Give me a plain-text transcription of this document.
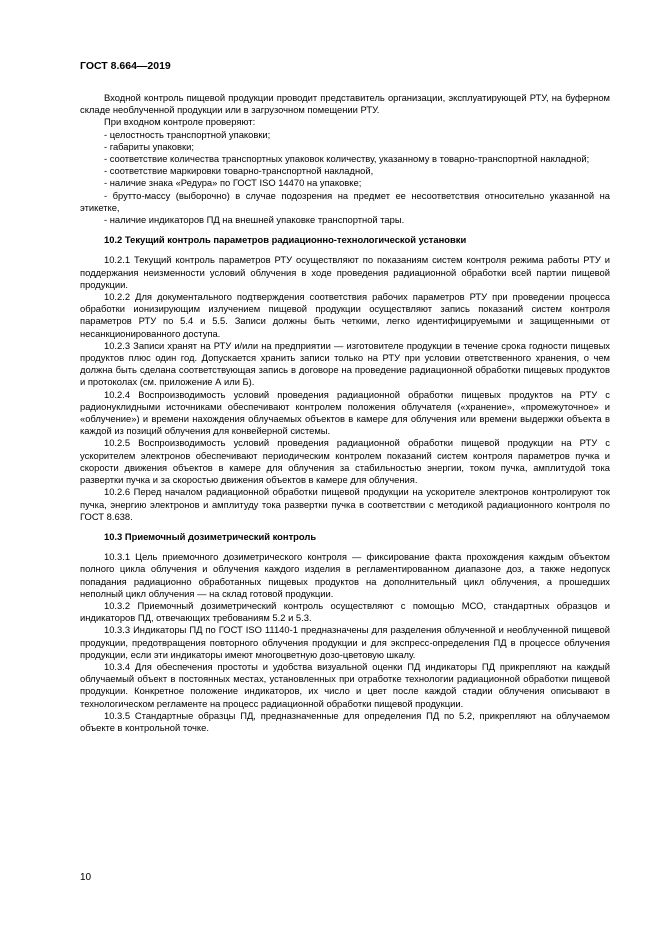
ГОСТ 8.664—2019

Входной контроль пищевой продукции проводит представитель организации, эксплуатирующей РТУ, на буферном складе необлученной продукции или в загрузочном помещении РТУ.

При входном контроле проверяют:

- целостность транспортной упаковки;

- габариты упаковки;

- соответствие количества транспортных упаковок количеству, указанному в товарно-транспортной накладной;

- соответствие маркировки товарно-транспортной накладной,

- наличие знака «Редура» по ГОСТ ISO 14470 на упаковке;

- брутто-массу (выборочно) в случае подозрения на предмет ее несоответствия относительно указанной на этикетке,

- наличие индикаторов ПД на внешней упаковке транспортной тары.

10.2 Текущий контроль параметров радиационно-технологической установки

10.2.1 Текущий контроль параметров РТУ осуществляют по показаниям систем контроля режима работы РТУ и поддержания неизменности условий облучения в ходе проведения радиационной обработки всей партии пищевой продукции.

10.2.2 Для документального подтверждения соответствия рабочих параметров РТУ при проведении процесса обработки ионизирующим излучением пищевой продукции осуществляют запись показаний систем контроля параметров РТУ по 5.4 и 5.5. Записи должны быть четкими, легко идентифицируемыми и защищенными от несанкционированного доступа.

10.2.3 Записи хранят на РТУ и/или на предприятии — изготовителе продукции в течение срока годности пищевых продуктов плюс один год. Допускается хранить записи только на РТУ при условии ответственного хранения, о чем должна быть сделана соответствующая запись в договоре на проведение радиационной обработки пищевых продуктов и протоколах (см. приложение А или Б).

10.2.4 Воспроизводимость условий проведения радиационной обработки пищевых продуктов на РТУ с радионуклидными источниками обеспечивают контролем положения облучателя («хранение», «промежуточное» и «облучение») и времени нахождения облучаемых объектов в камере для облучения или времени выдержки объекта в каждой из позиций облучения для конвейерной системы.

10.2.5 Воспроизводимость условий проведения радиационной обработки пищевой продукции на РТУ с ускорителем электронов обеспечивают периодическим контролем показаний систем контроля параметров пучка и скорости движения объектов в камере для облучения за стабильностью энергии, током пучка, амплитудой тока развертки пучка и за скоростью движения объектов в камере для облучения.

10.2.6 Перед началом радиационной обработки пищевой продукции на ускорителе электронов контролируют ток пучка, энергию электронов и амплитуду тока развертки пучка в соответствии с методикой радиационного контроля по ГОСТ 8.638.

10.3 Приемочный дозиметрический контроль

10.3.1 Цель приемочного дозиметрического контроля — фиксирование факта прохождения каждым объектом полного цикла облучения и облучения каждого изделия в регламентированном диапазоне доз, а также недопуск попадания радиационно обработанных пищевых продуктов на дополнительный цикл облучения, а прошедших неполный цикл облучения — на склад готовой продукции.

10.3.2 Приемочный дозиметрический контроль осуществляют с помощью МСО, стандартных образцов и индикаторов ПД, отвечающих требованиям 5.2 и 5.3.

10.3.3 Индикаторы ПД по ГОСТ ISO 11140-1 предназначены для разделения облученной и необлученной пищевой продукции, предотвращения повторного облучения продукции и для экспресс-определения ПД в процессе облучения продукции, если эти индикаторы имеют многоцветную дозо-цветовую шкалу.

10.3.4 Для обеспечения простоты и удобства визуальной оценки ПД индикаторы ПД прикрепляют на каждый облучаемый объект в постоянных местах, установленных при отработке технологии радиационной обработки пищевой продукции. Конкретное положение индикаторов, их число и цвет после каждой стадии облучения описывают в технологическом регламенте на процесс радиационной обработки пищевой продукции.

10.3.5 Стандартные образцы ПД, предназначенные для определения ПД по 5.2, прикрепляют на облучаемом объекте в контрольной точке.

10
